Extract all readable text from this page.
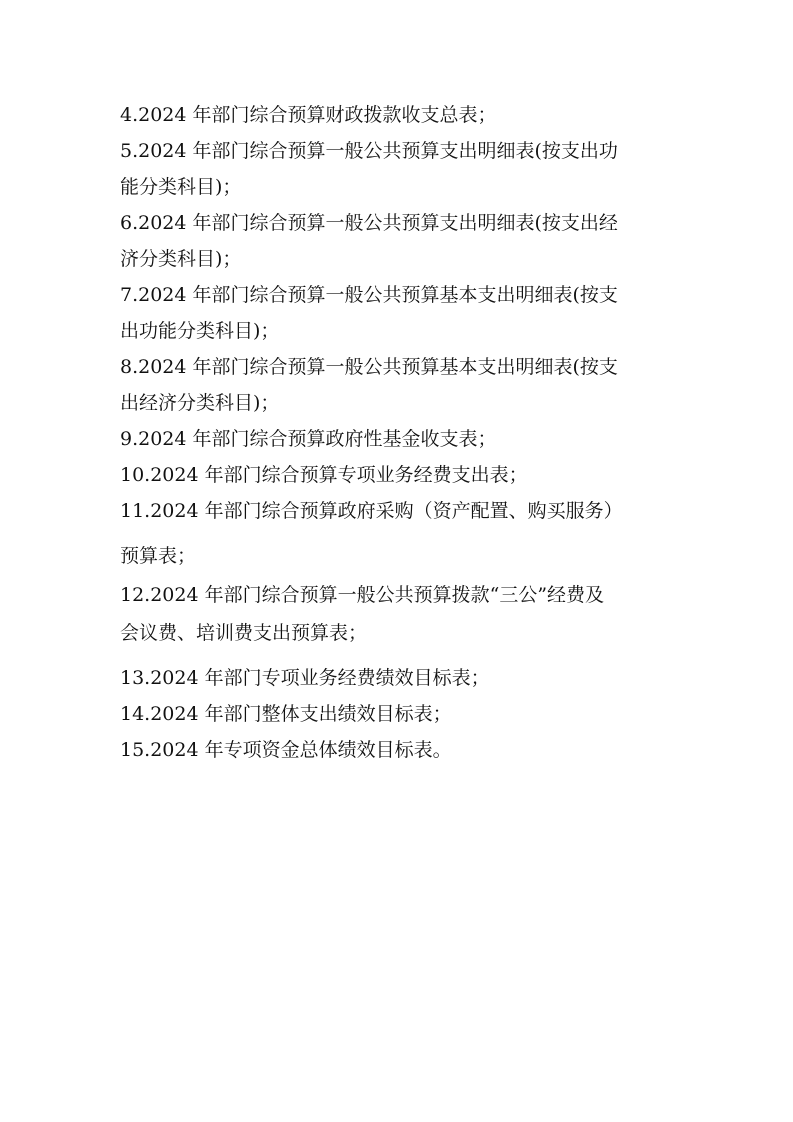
4.2024 年部门综合预算财政拨款收支总表；
5.2024 年部门综合预算一般公共预算支出明细表(按支出功
能分类科目)；
6.2024 年部门综合预算一般公共预算支出明细表(按支出经
济分类科目)；
7.2024 年部门综合预算一般公共预算基本支出明细表(按支
出功能分类科目)；
8.2024 年部门综合预算一般公共预算基本支出明细表(按支
出经济分类科目)；
9.2024 年部门综合预算政府性基金收支表；
10.2024 年部门综合预算专项业务经费支出表；
11.2024 年部门综合预算政府采购（资产配置、购买服务）
预算表；
12.2024 年部门综合预算一般公共预算拨款“三公”经费及
会议费、培训费支出预算表；
13.2024 年部门专项业务经费绩效目标表；
14.2024 年部门整体支出绩效目标表；
15.2024 年专项资金总体绩效目标表。
